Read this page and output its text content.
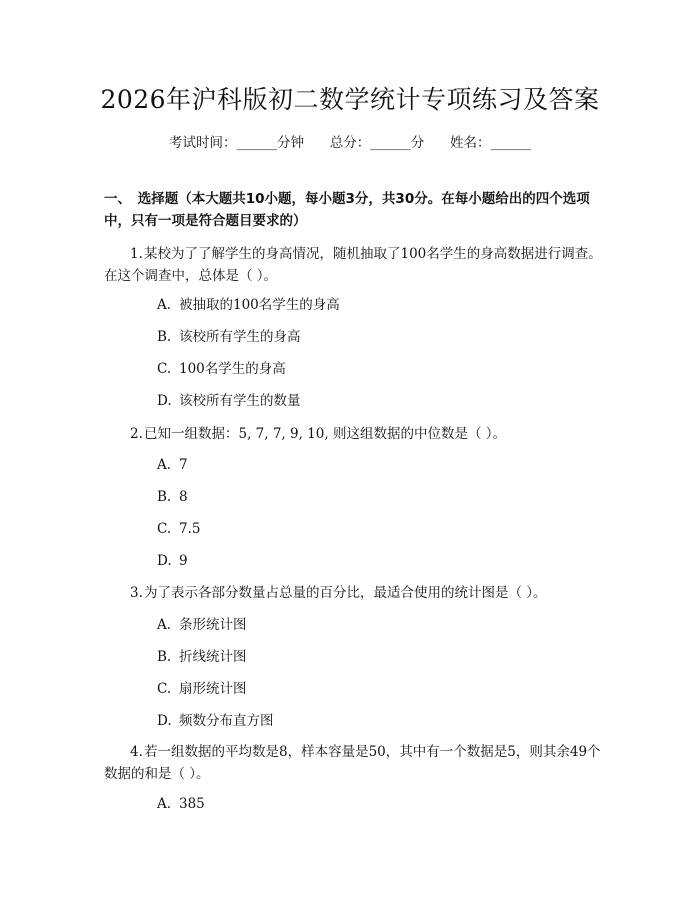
2026年沪科版初二数学统计专项练习及答案
考试时间：______分钟 总分：______分 姓名：______
一、　选择题（本大题共10小题，每小题3分，共30分。在每小题给出的四个选项中，只有一项是符合题目要求的）
1.某校为了了解学生的身高情况，随机抽取了100名学生的身高数据进行调查。在这个调查中，总体是（ ）。
A. 被抽取的100名学生的身高
B. 该校所有学生的身高
C. 100名学生的身高
D. 该校所有学生的数量
2.已知一组数据：5, 7, 7, 9, 10, 则这组数据的中位数是（ ）。
A. 7
B. 8
C. 7.5
D. 9
3.为了表示各部分数量占总量的百分比，最适合使用的统计图是（ ）。
A. 条形统计图
B. 折线统计图
C. 扇形统计图
D. 频数分布直方图
4.若一组数据的平均数是8，样本容量是50，其中有一个数据是5，则其余49个数据的和是（ ）。
A. 385
